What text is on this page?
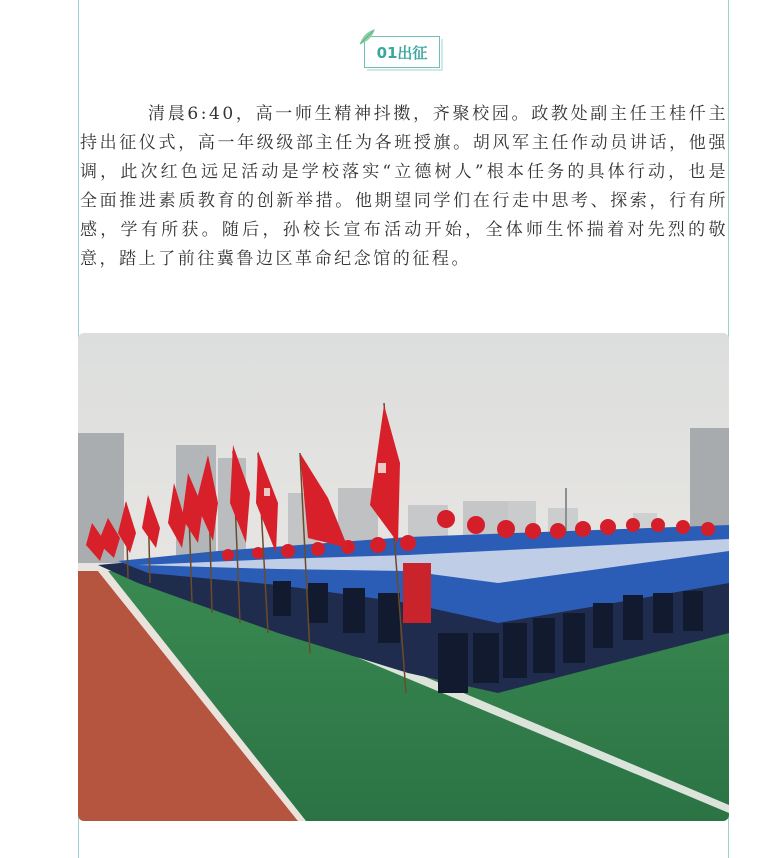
01出征

清晨6:40，高一师生精神抖擞，齐聚校园。政教处副主任王桂仟主持出征仪式，高一年级级部主任为各班授旗。胡风军主任作动员讲话，他强调，此次红色远足活动是学校落实“立德树人”根本任务的具体行动，也是全面推进素质教育的创新举措。他期望同学们在行走中思考、探索，行有所感，学有所获。随后，孙校长宣布活动开始，全体师生怀揣着对先烈的敬意，踏上了前往冀鲁边区革命纪念馆的征程。
